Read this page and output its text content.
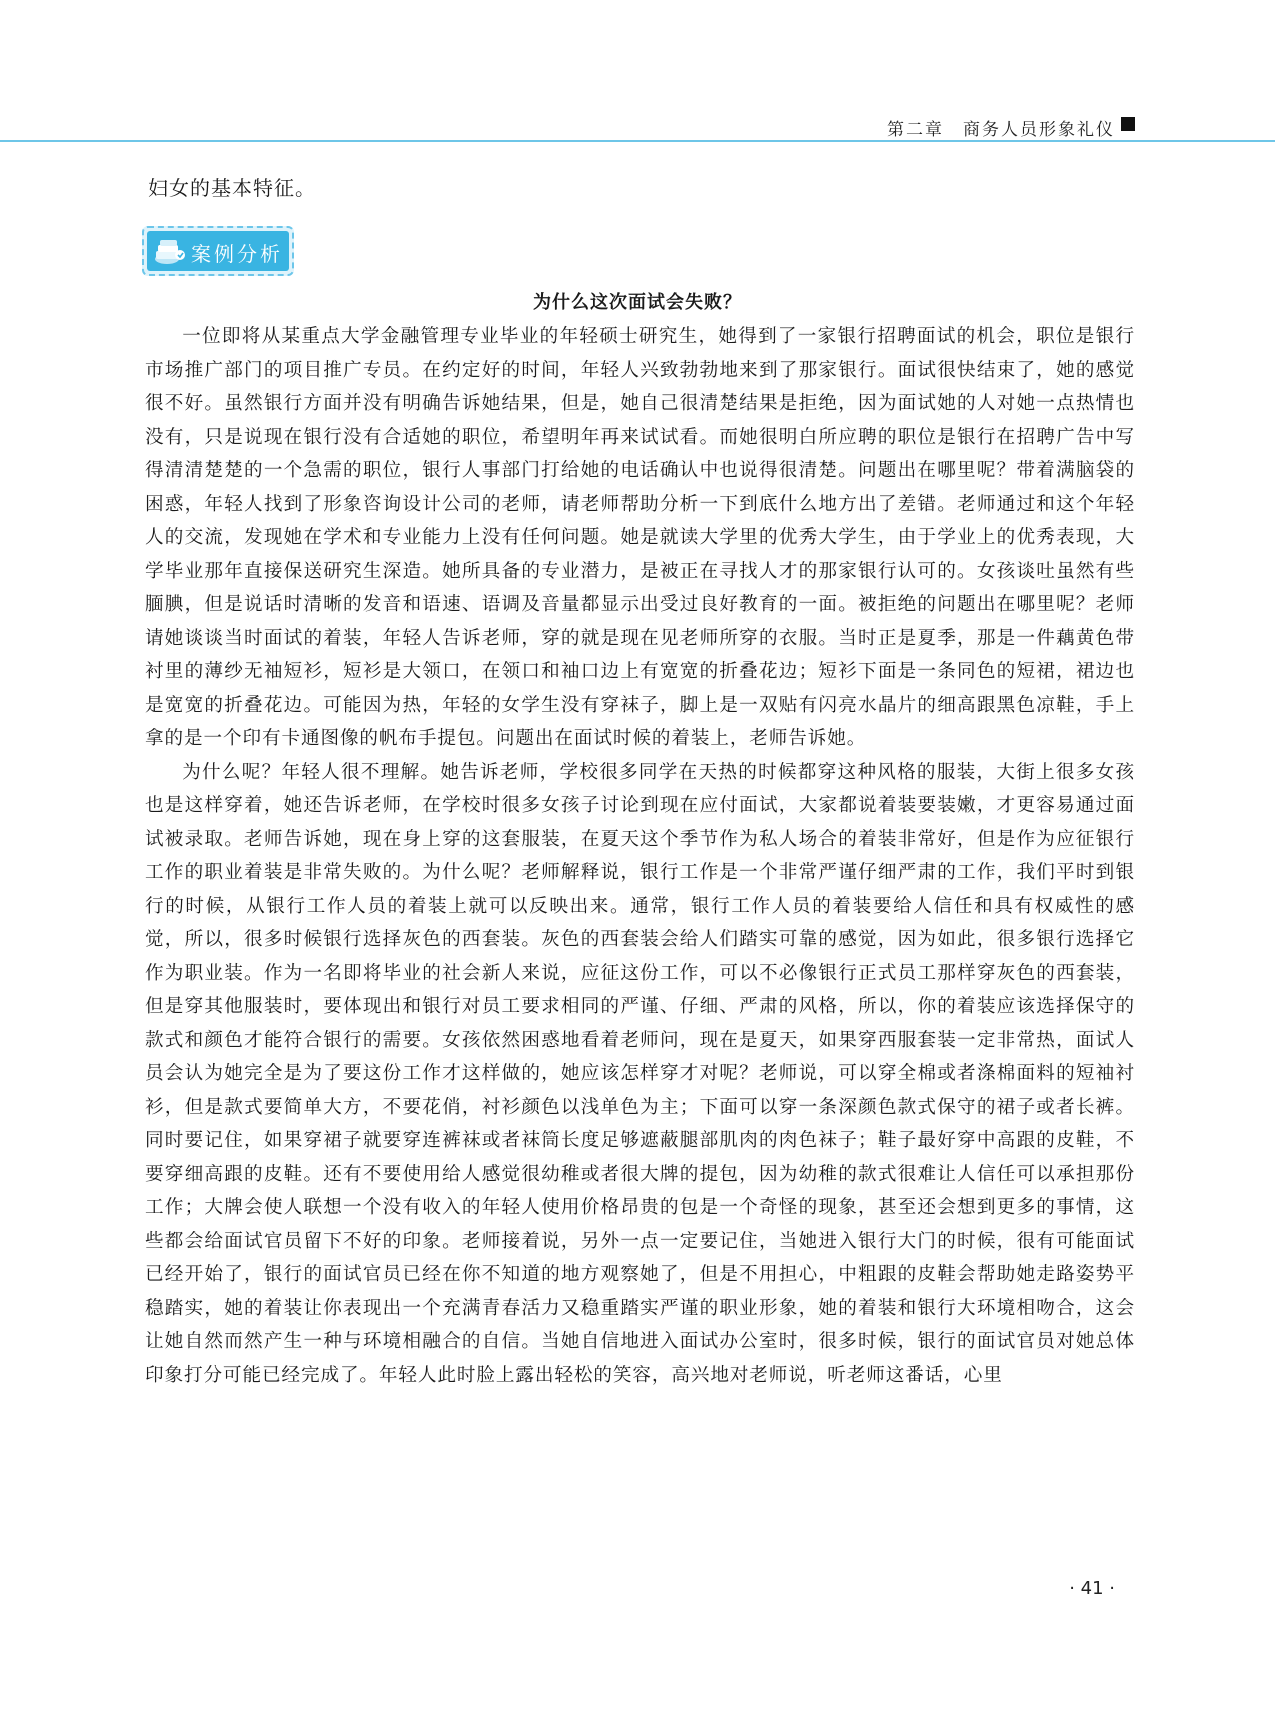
第二章　商务人员形象礼仪
妇女的基本特征。
案例分析
为什么这次面试会失败？

一位即将从某重点大学金融管理专业毕业的年轻硕士研究生，她得到了一家银行招聘面试的机会，职位是银行市场推广部门的项目推广专员。在约定好的时间，年轻人兴致勃勃地来到了那家银行。面试很快结束了，她的感觉很不好。虽然银行方面并没有明确告诉她结果，但是，她自己很清楚结果是拒绝，因为面试她的人对她一点热情也没有，只是说现在银行没有合适她的职位，希望明年再来试试看。而她很明白所应聘的职位是银行在招聘广告中写得清清楚楚的一个急需的职位，银行人事部门打给她的电话确认中也说得很清楚。问题出在哪里呢？带着满脑袋的困惑，年轻人找到了形象咨询设计公司的老师，请老师帮助分析一下到底什么地方出了差错。老师通过和这个年轻人的交流，发现她在学术和专业能力上没有任何问题。她是就读大学里的优秀大学生，由于学业上的优秀表现，大学毕业那年直接保送研究生深造。她所具备的专业潜力，是被正在寻找人才的那家银行认可的。女孩谈吐虽然有些腼腆，但是说话时清晰的发音和语速、语调及音量都显示出受过良好教育的一面。被拒绝的问题出在哪里呢？老师请她谈谈当时面试的着装，年轻人告诉老师，穿的就是现在见老师所穿的衣服。当时正是夏季，那是一件藕黄色带衬里的薄纱无袖短衫，短衫是大领口，在领口和袖口边上有宽宽的折叠花边；短衫下面是一条同色的短裙，裙边也是宽宽的折叠花边。可能因为热，年轻的女学生没有穿袜子，脚上是一双贴有闪亮水晶片的细高跟黑色凉鞋，手上拿的是一个印有卡通图像的帆布手提包。问题出在面试时候的着装上，老师告诉她。

为什么呢？年轻人很不理解。她告诉老师，学校很多同学在天热的时候都穿这种风格的服装，大街上很多女孩也是这样穿着，她还告诉老师，在学校时很多女孩子讨论到现在应付面试，大家都说着装要装嫩，才更容易通过面试被录取。老师告诉她，现在身上穿的这套服装，在夏天这个季节作为私人场合的着装非常好，但是作为应征银行工作的职业着装是非常失败的。为什么呢？老师解释说，银行工作是一个非常严谨仔细严肃的工作，我们平时到银行的时候，从银行工作人员的着装上就可以反映出来。通常，银行工作人员的着装要给人信任和具有权威性的感觉，所以，很多时候银行选择灰色的西套装。灰色的西套装会给人们踏实可靠的感觉，因为如此，很多银行选择它作为职业装。作为一名即将毕业的社会新人来说，应征这份工作，可以不必像银行正式员工那样穿灰色的西套装，但是穿其他服装时，要体现出和银行对员工要求相同的严谨、仔细、严肃的风格，所以，你的着装应该选择保守的款式和颜色才能符合银行的需要。女孩依然困惑地看着老师问，现在是夏天，如果穿西服套装一定非常热，面试人员会认为她完全是为了要这份工作才这样做的，她应该怎样穿才对呢？老师说，可以穿全棉或者涤棉面料的短袖衬衫，但是款式要简单大方，不要花俏，衬衫颜色以浅单色为主；下面可以穿一条深颜色款式保守的裙子或者长裤。同时要记住，如果穿裙子就要穿连裤袜或者袜筒长度足够遮蔽腿部肌肉的肉色袜子；鞋子最好穿中高跟的皮鞋，不要穿细高跟的皮鞋。还有不要使用给人感觉很幼稚或者很大牌的提包，因为幼稚的款式很难让人信任可以承担那份工作；大牌会使人联想一个没有收入的年轻人使用价格昂贵的包是一个奇怪的现象，甚至还会想到更多的事情，这些都会给面试官员留下不好的印象。老师接着说，另外一点一定要记住，当她进入银行大门的时候，很有可能面试已经开始了，银行的面试官员已经在你不知道的地方观察她了，但是不用担心，中粗跟的皮鞋会帮助她走路姿势平稳踏实，她的着装让你表现出一个充满青春活力又稳重踏实严谨的职业形象，她的着装和银行大环境相吻合，这会让她自然而然产生一种与环境相融合的自信。当她自信地进入面试办公室时，很多时候，银行的面试官员对她总体印象打分可能已经完成了。年轻人此时脸上露出轻松的笑容，高兴地对老师说，听老师这番话，心里

· 41 ·
